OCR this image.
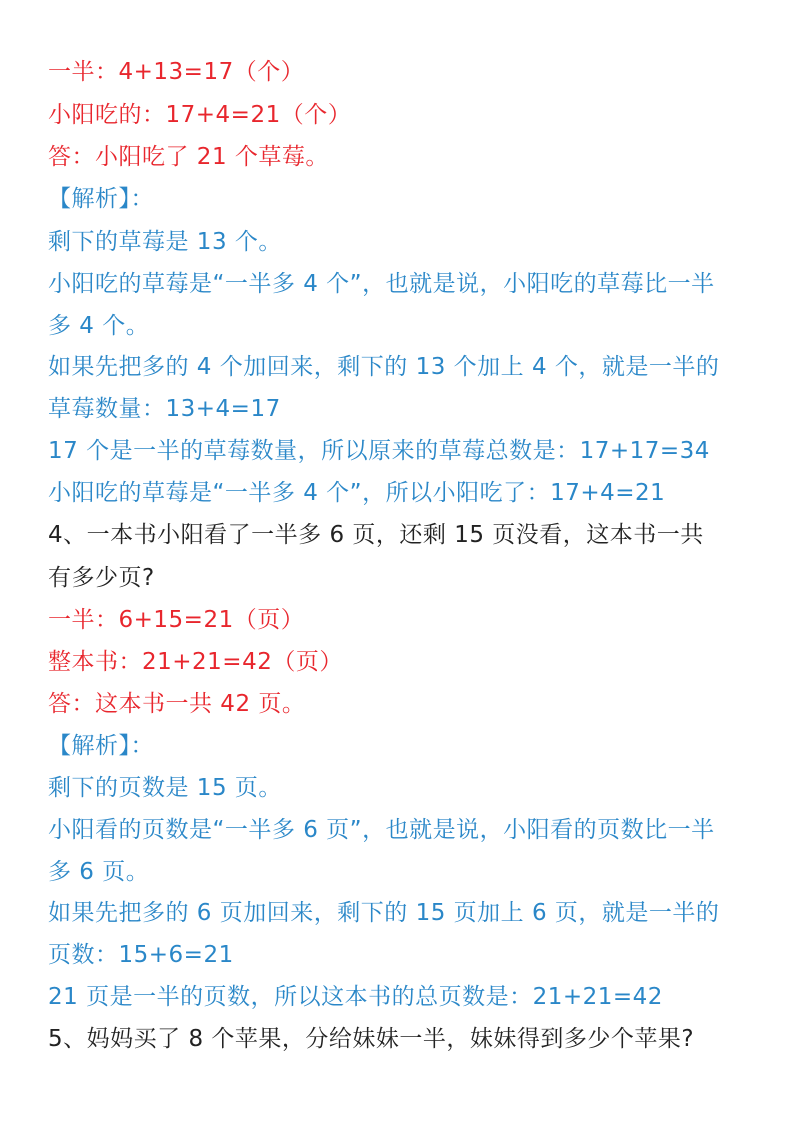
一半：4+13=17（个）
小阳吃的：17+4=21（个）
答：小阳吃了 21 个草莓。
【解析】：
剩下的草莓是 13 个。
小阳吃的草莓是“一半多 4 个”，也就是说，小阳吃的草莓比一半
多 4 个。
如果先把多的 4 个加回来，剩下的 13 个加上 4 个，就是一半的
草莓数量：13+4=17
17 个是一半的草莓数量，所以原来的草莓总数是：17+17=34
小阳吃的草莓是“一半多 4 个”，所以小阳吃了：17+4=21
4、一本书小阳看了一半多 6 页，还剩 15 页没看，这本书一共
有多少页?
一半：6+15=21（页）
整本书：21+21=42（页）
答：这本书一共 42 页。
【解析】：
剩下的页数是 15 页。
小阳看的页数是“一半多 6 页”，也就是说，小阳看的页数比一半
多 6 页。
如果先把多的 6 页加回来，剩下的 15 页加上 6 页，就是一半的
页数：15+6=21
21 页是一半的页数，所以这本书的总页数是：21+21=42
5、妈妈买了 8 个苹果，分给妹妹一半，妹妹得到多少个苹果?
